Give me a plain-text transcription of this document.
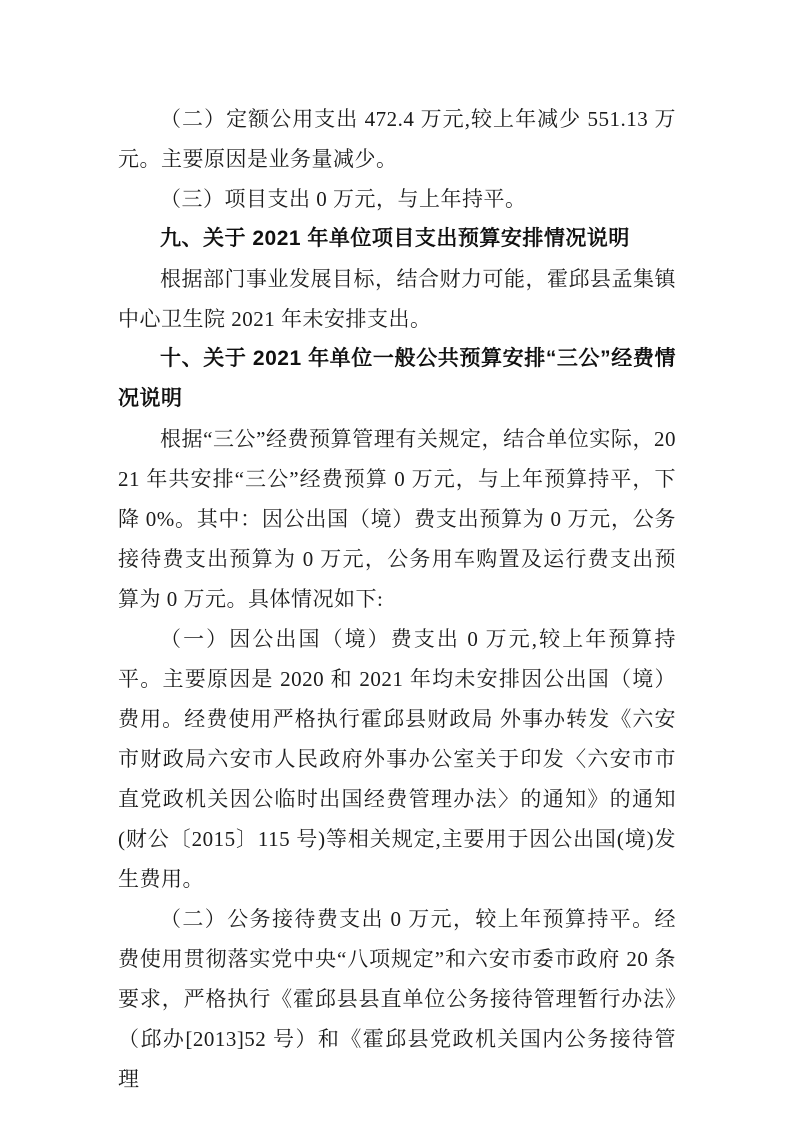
（二）定额公用支出 472.4 万元,较上年减少 551.13 万元。主要原因是业务量减少。

（三）项目支出 0 万元，与上年持平。

九、关于 2021 年单位项目支出预算安排情况说明

根据部门事业发展目标，结合财力可能，霍邱县孟集镇中心卫生院 2021 年未安排支出。

十、关于 2021 年单位一般公共预算安排“三公”经费情况说明

根据“三公”经费预算管理有关规定，结合单位实际，2021 年共安排“三公”经费预算 0 万元，与上年预算持平，下降 0%。其中：因公出国（境）费支出预算为 0 万元，公务接待费支出预算为 0 万元，公务用车购置及运行费支出预算为 0 万元。具体情况如下:

（一）因公出国（境）费支出 0 万元,较上年预算持平。主要原因是 2020 和 2021 年均未安排因公出国（境）费用。经费使用严格执行霍邱县财政局 外事办转发《六安市财政局六安市人民政府外事办公室关于印发〈六安市市直党政机关因公临时出国经费管理办法〉的通知》的通知(财公〔2015〕115 号)等相关规定,主要用于因公出国(境)发生费用。

（二）公务接待费支出 0 万元，较上年预算持平。经费使用贯彻落实党中央“八项规定”和六安市委市政府 20 条要求，严格执行《霍邱县县直单位公务接待管理暂行办法》（邱办[2013]52 号）和《霍邱县党政机关国内公务接待管理
